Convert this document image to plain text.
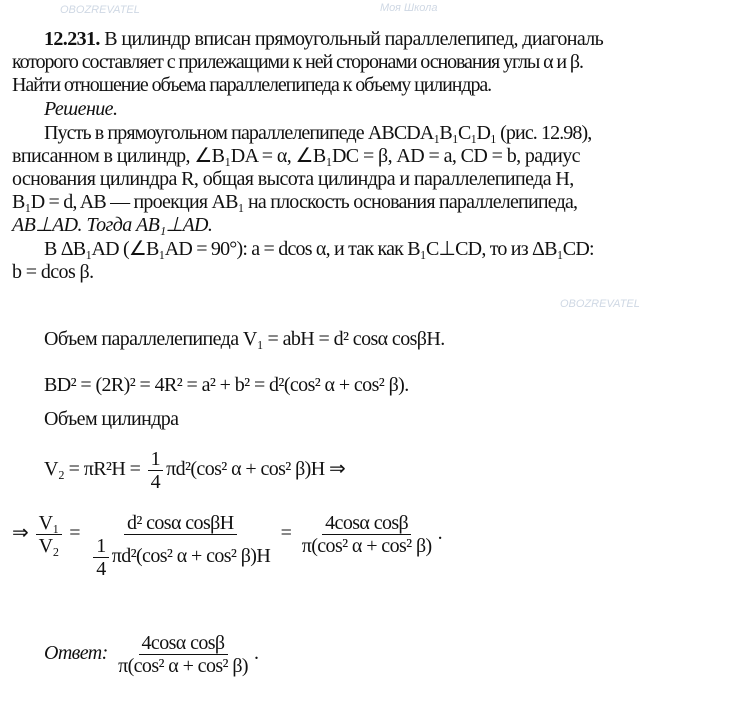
Моя Школа
OBOZREVATEL
OBOZREVATEL
12.231. В цилиндр вписан прямоугольный параллелепипед, диагональ
которого составляет с прилежащими к ней сторонами основания углы α и β.
Найти отношение объема параллелепипеда к объему цилиндра.
Решение.
Пусть в прямоугольном параллелепипеде ABCDA₁B₁C₁D₁ (рис. 12.98),
вписанном в цилиндр, ∠B₁DA = α, ∠B₁DC = β, AD = a, CD = b, радиус
основания цилиндра R, общая высота цилиндра и параллелепипеда H,
B₁D = d, AB — проекция AB₁ на плоскость основания параллелепипеда,
AB⊥AD. Тогда AB₁⊥AD.
В ΔB₁AD (∠B₁AD = 90°): a = dcos α, и так как B₁C⊥CD, то из ΔB₁CD:
b = dcos β.
Объем параллелепипеда V₁ = abH = d² cosα cosβH.
BD² = (2R)² = 4R² = a² + b² = d²(cos² α + cos² β).
Объем цилиндра
$V_2 = \pi R^2H = \frac{1}{4} \pi d^2(\cos^2$ α + cos² β)H ⇒
⇒ $\frac{\text{V₁}}{\text{V₂}} = \frac{\text{d² cosα cosβH}}{\frac{1}{4} \pi d^2(\cos^2 \alpha + \cos^2 \beta)H} = \frac{\text{4cosα cosβ}}{\text{π(cos² α + cos² β)}}$ .
Ответ: $\frac{\text{4cosα cosβ}}{\text{π(cos² α + cos² β)}}$ .
